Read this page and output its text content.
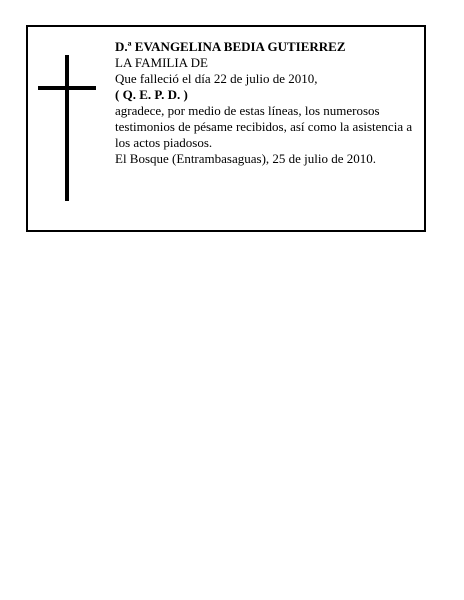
D.ª EVANGELINA BEDIA GUTIERREZ
LA FAMILIA DE
Que falleció el día 22 de julio de 2010,
( Q. E. P. D. )
agradece, por medio de estas líneas, los numerosos testimonios de pésame recibidos, así como la asistencia a los actos piadosos.
El Bosque (Entrambasaguas), 25 de julio de 2010.
